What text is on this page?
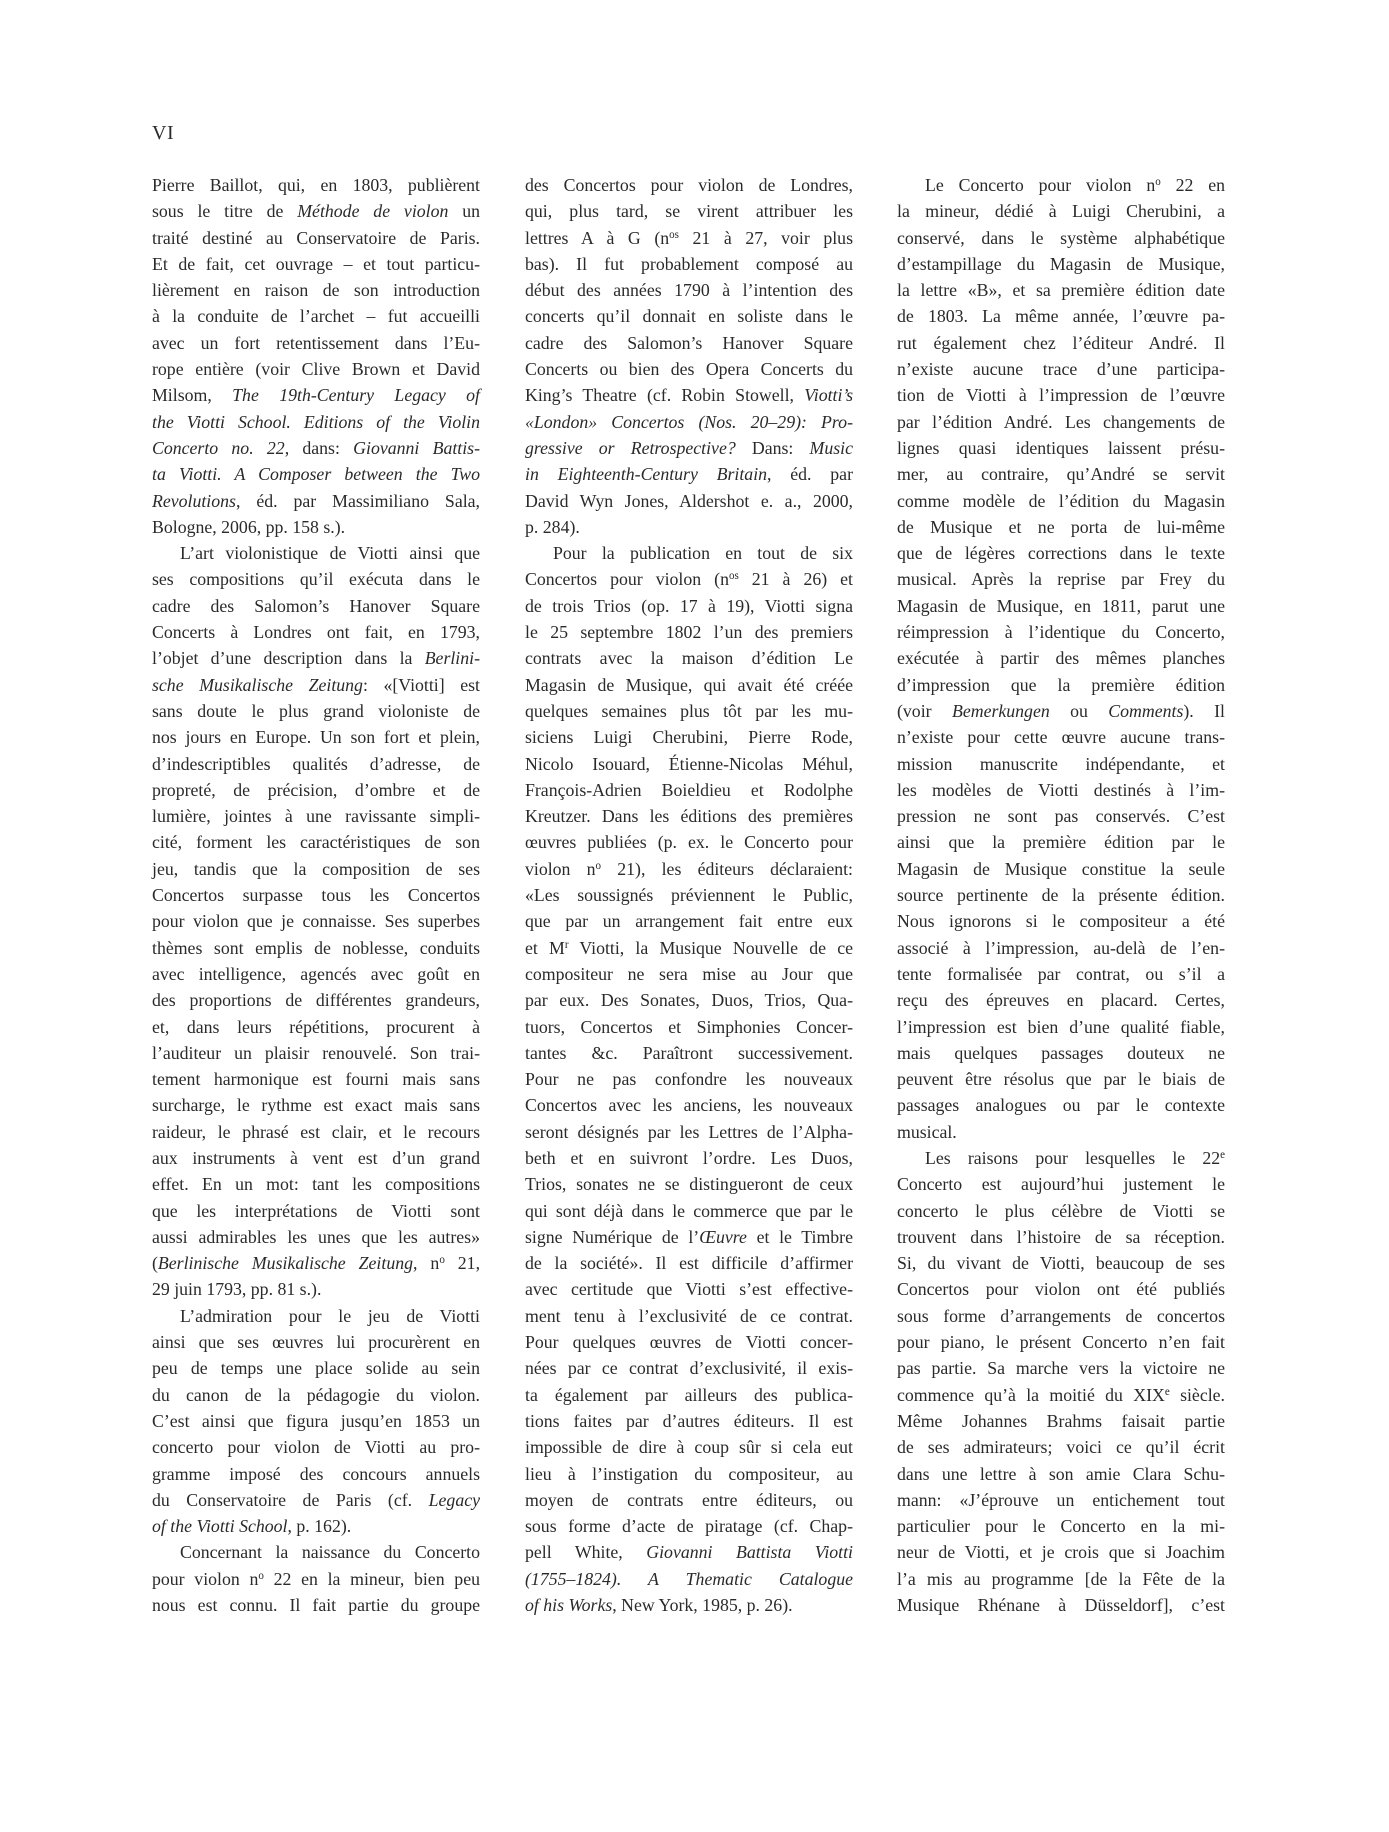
VI
Pierre Baillot, qui, en 1803, publièrent
sous le titre de Méthode de violon un
traité destiné au Conservatoire de Paris.
Et de fait, cet ouvrage – et tout particu-
lièrement en raison de son introduction
à la conduite de l’archet – fut accueilli
avec un fort retentissement dans l’Eu-
rope entière (voir Clive Brown et David
Milsom, The 19th-Century Legacy of
the Viotti School. Editions of the Violin
Concerto no. 22, dans: Giovanni Battis-
ta Viotti. A Composer between the Two
Revolutions, éd. par Massimiliano Sala,
Bologne, 2006, pp. 158 s.).
L’art violonistique de Viotti ainsi que
ses compositions qu’il exécuta dans le
cadre des Salomon’s Hanover Square
Concerts à Londres ont fait, en 1793,
l’objet d’une description dans la Berlini-
sche Musikalische Zeitung: «[Viotti] est
sans doute le plus grand violoniste de
nos jours en Europe. Un son fort et plein,
d’indescriptibles qualités d’adresse, de
propreté, de précision, d’ombre et de
lumière, jointes à une ravissante simpli-
cité, forment les caractéristiques de son
jeu, tandis que la composition de ses
Concertos surpasse tous les Concertos
pour violon que je connaisse. Ses superbes
thèmes sont emplis de noblesse, conduits
avec intelligence, agencés avec goût en
des proportions de différentes grandeurs,
et, dans leurs répétitions, procurent à
l’auditeur un plaisir renouvelé. Son trai-
tement harmonique est fourni mais sans
surcharge, le rythme est exact mais sans
raideur, le phrasé est clair, et le recours
aux instruments à vent est d’un grand
effet. En un mot: tant les compositions
que les interprétations de Viotti sont
aussi admirables les unes que les autres»
(Berlinische Musikalische Zeitung, $n^o$ 21,
29 juin 1793, pp. 81 s.).
L’admiration pour le jeu de Viotti
ainsi que ses œuvres lui procurèrent en
peu de temps une place solide au sein
du canon de la pédagogie du violon.
C’est ainsi que figura jusqu’en 1853 un
concerto pour violon de Viotti au pro-
gramme imposé des concours annuels
du Conservatoire de Paris (cf. Legacy
of the Viotti School, p. 162).
Concernant la naissance du Concerto
pour violon $n^o$ 22 en la mineur, bien peu
nous est connu. Il fait partie du groupe
des Concertos pour violon de Londres,
qui, plus tard, se virent attribuer les
lettres A à G ($n^{os}$ 21 à 27, voir plus
bas). Il fut probablement composé au
début des années 1790 à l’intention des
concerts qu’il donnait en soliste dans le
cadre des Salomon’s Hanover Square
Concerts ou bien des Opera Concerts du
King’s Theatre (cf. Robin Stowell, Viotti’s
«London» Concertos (Nos. 20–29): Pro-
gressive or Retrospective? Dans: Music
in Eighteenth-Century Britain, éd. par
David Wyn Jones, Aldershot e. a., 2000,
p. 284).
Pour la publication en tout de six
Concertos pour violon ($n^{os}$ 21 à 26) et
de trois Trios (op. 17 à 19), Viotti signa
le 25 septembre 1802 l’un des premiers
contrats avec la maison d’édition Le
Magasin de Musique, qui avait été créée
quelques semaines plus tôt par les mu-
siciens Luigi Cherubini, Pierre Rode,
Nicolo Isouard, Étienne-Nicolas Méhul,
François-Adrien Boieldieu et Rodolphe
Kreutzer. Dans les éditions des premières
œuvres publiées (p. ex. le Concerto pour
violon $n^o$ 21), les éditeurs déclaraient:
«Les soussignés préviennent le Public,
que par un arrangement fait entre eux
et $M^r$ Viotti, la Musique Nouvelle de ce
compositeur ne sera mise au Jour que
par eux. Des Sonates, Duos, Trios, Qua-
tuors, Concertos et Simphonies Concer-
tantes &c. Paraîtront successivement.
Pour ne pas confondre les nouveaux
Concertos avec les anciens, les nouveaux
seront désignés par les Lettres de l’Alpha-
beth et en suivront l’ordre. Les Duos,
Trios, sonates ne se distingueront de ceux
qui sont déjà dans le commerce que par le
signe Numérique de l’Œuvre et le Timbre
de la société». Il est difficile d’affirmer
avec certitude que Viotti s’est effective-
ment tenu à l’exclusivité de ce contrat.
Pour quelques œuvres de Viotti concer-
nées par ce contrat d’exclusivité, il exis-
ta également par ailleurs des publica-
tions faites par d’autres éditeurs. Il est
impossible de dire à coup sûr si cela eut
lieu à l’instigation du compositeur, au
moyen de contrats entre éditeurs, ou
sous forme d’acte de piratage (cf. Chap-
pell White, Giovanni Battista Viotti
(1755–1824). A Thematic Catalogue
of his Works, New York, 1985, p. 26).
Le Concerto pour violon $n^o$ 22 en
la mineur, dédié à Luigi Cherubini, a
conservé, dans le système alphabétique
d’estampillage du Magasin de Musique,
la lettre «B», et sa première édition date
de 1803. La même année, l’œuvre pa-
rut également chez l’éditeur André. Il
n’existe aucune trace d’une participa-
tion de Viotti à l’impression de l’œuvre
par l’édition André. Les changements de
lignes quasi identiques laissent présu-
mer, au contraire, qu’André se servit
comme modèle de l’édition du Magasin
de Musique et ne porta de lui-même
que de légères corrections dans le texte
musical. Après la reprise par Frey du
Magasin de Musique, en 1811, parut une
réimpression à l’identique du Concerto,
exécutée à partir des mêmes planches
d’impression que la première édition
(voir Bemerkungen ou Comments). Il
n’existe pour cette œuvre aucune trans-
mission manuscrite indépendante, et
les modèles de Viotti destinés à l’im-
pression ne sont pas conservés. C’est
ainsi que la première édition par le
Magasin de Musique constitue la seule
source pertinente de la présente édition.
Nous ignorons si le compositeur a été
associé à l’impression, au-delà de l’en-
tente formalisée par contrat, ou s’il a
reçu des épreuves en placard. Certes,
l’impression est bien d’une qualité fiable,
mais quelques passages douteux ne
peuvent être résolus que par le biais de
passages analogues ou par le contexte
musical.
Les raisons pour lesquelles le 22e
Concerto est aujourd’hui justement le
concerto le plus célèbre de Viotti se
trouvent dans l’histoire de sa réception.
Si, du vivant de Viotti, beaucoup de ses
Concertos pour violon ont été publiés
sous forme d’arrangements de concertos
pour piano, le présent Concerto n’en fait
pas partie. Sa marche vers la victoire ne
commence qu’à la moitié du XIXe siècle.
Même Johannes Brahms faisait partie
de ses admirateurs; voici ce qu’il écrit
dans une lettre à son amie Clara Schu-
mann: «J’éprouve un entichement tout
particulier pour le Concerto en la mi-
neur de Viotti, et je crois que si Joachim
l’a mis au programme [de la Fête de la
Musique Rhénane à Düsseldorf], c’est
